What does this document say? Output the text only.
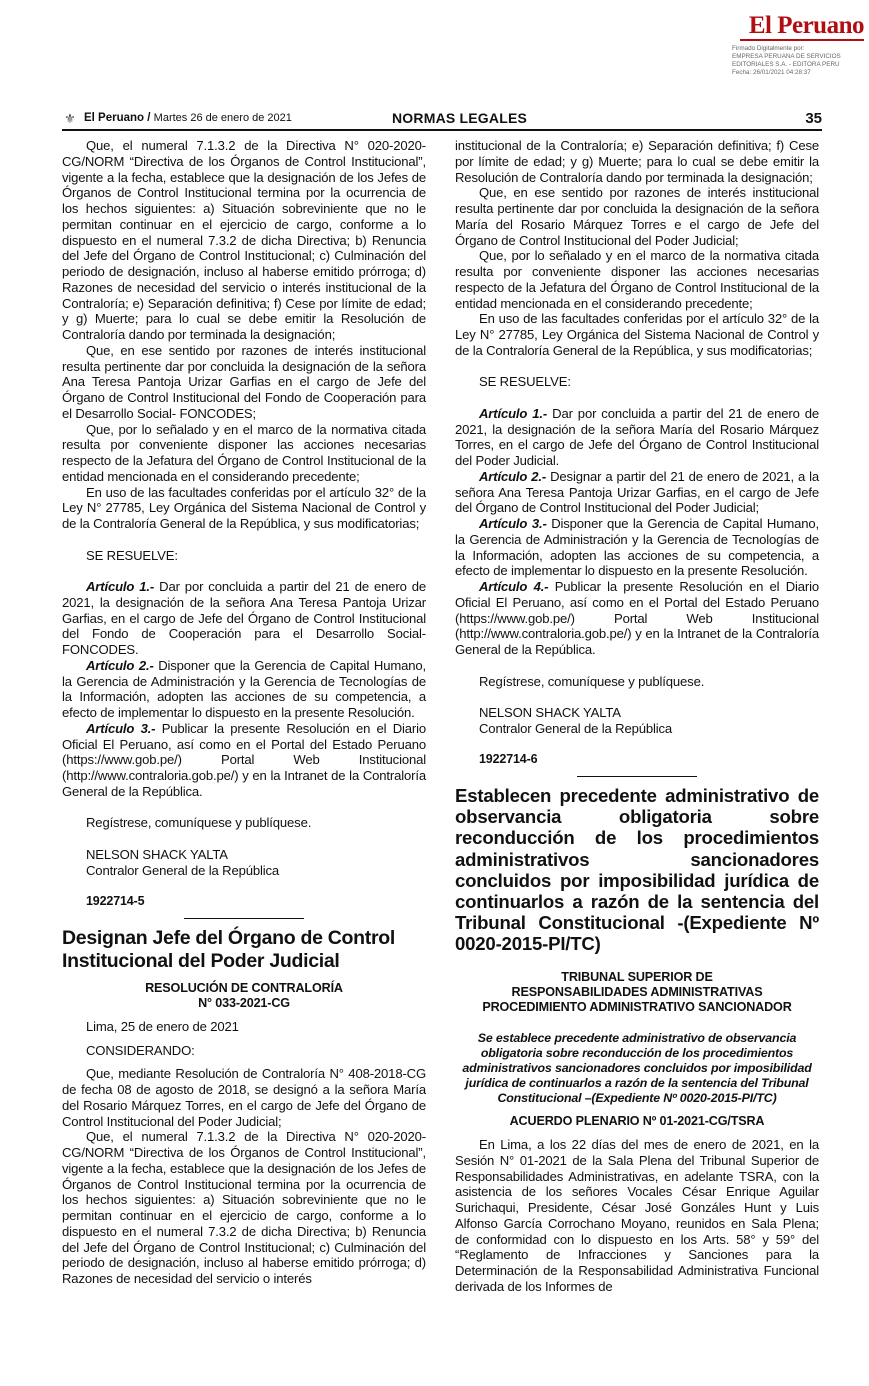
El Peruano
Firmado Digitalmente por:
EMPRESA PERUANA DE SERVICIOS
EDITORIALES S.A. - EDITORA PERU
Fecha: 26/01/2021 04:28:37
⚜ El Peruano / Martes 26 de enero de 2021	NORMAS LEGALES	35

Que, el numeral 7.1.3.2 de la Directiva N° 020-2020-CG/NORM “Directiva de los Órganos de Control Institucional”, vigente a la fecha, establece que la designación de los Jefes de Órganos de Control Institucional termina por la ocurrencia de los hechos siguientes: a) Situación sobreviniente que no le permitan continuar en el ejercicio de cargo, conforme a lo dispuesto en el numeral 7.3.2 de dicha Directiva; b) Renuncia del Jefe del Órgano de Control Institucional; c) Culminación del periodo de designación, incluso al haberse emitido prórroga; d) Razones de necesidad del servicio o interés institucional de la Contraloría; e) Separación definitiva; f) Cese por límite de edad; y g) Muerte; para lo cual se debe emitir la Resolución de Contraloría dando por terminada la designación;

Que, en ese sentido por razones de interés institucional resulta pertinente dar por concluida la designación de la señora Ana Teresa Pantoja Urizar Garfias en el cargo de Jefe del Órgano de Control Institucional del Fondo de Cooperación para el Desarrollo Social- FONCODES;

Que, por lo señalado y en el marco de la normativa citada resulta por conveniente disponer las acciones necesarias respecto de la Jefatura del Órgano de Control Institucional de la entidad mencionada en el considerando precedente;

En uso de las facultades conferidas por el artículo 32° de la Ley N° 27785, Ley Orgánica del Sistema Nacional de Control y de la Contraloría General de la República, y sus modificatorias;

SE RESUELVE:

Artículo 1.- Dar por concluida a partir del 21 de enero de 2021, la designación de la señora Ana Teresa Pantoja Urizar Garfias, en el cargo de Jefe del Órgano de Control Institucional del Fondo de Cooperación para el Desarrollo Social- FONCODES.

Artículo 2.- Disponer que la Gerencia de Capital Humano, la Gerencia de Administración y la Gerencia de Tecnologías de la Información, adopten las acciones de su competencia, a efecto de implementar lo dispuesto en la presente Resolución.

Artículo 3.- Publicar la presente Resolución en el Diario Oficial El Peruano, así como en el Portal del Estado Peruano (https://www.gob.pe/) Portal Web Institucional (http://www.contraloria.gob.pe/) y en la Intranet de la Contraloría General de la República.

Regístrese, comuníquese y publíquese.

NELSON SHACK YALTA

Contralor General de la República

1922714-5

Designan Jefe del Órgano de Control Institucional del Poder Judicial
RESOLUCIÓN DE CONTRALORÍA
N° 033-2021-CG

Lima, 25 de enero de 2021

CONSIDERANDO:

Que, mediante Resolución de Contraloría N° 408-2018-CG de fecha 08 de agosto de 2018, se designó a la señora María del Rosario Márquez Torres, en el cargo de Jefe del Órgano de Control Institucional del Poder Judicial;

Que, el numeral 7.1.3.2 de la Directiva N° 020-2020-CG/NORM “Directiva de los Órganos de Control Institucional”, vigente a la fecha, establece que la designación de los Jefes de Órganos de Control Institucional termina por la ocurrencia de los hechos siguientes: a) Situación sobreviniente que no le permitan continuar en el ejercicio de cargo, conforme a lo dispuesto en el numeral 7.3.2 de dicha Directiva; b) Renuncia del Jefe del Órgano de Control Institucional; c) Culminación del periodo de designación, incluso al haberse emitido prórroga; d) Razones de necesidad del servicio o interés

institucional de la Contraloría; e) Separación definitiva; f) Cese por límite de edad; y g) Muerte; para lo cual se debe emitir la Resolución de Contraloría dando por terminada la designación;

Que, en ese sentido por razones de interés institucional resulta pertinente dar por concluida la designación de la señora María del Rosario Márquez Torres e el cargo de Jefe del Órgano de Control Institucional del Poder Judicial;

Que, por lo señalado y en el marco de la normativa citada resulta por conveniente disponer las acciones necesarias respecto de la Jefatura del Órgano de Control Institucional de la entidad mencionada en el considerando precedente;

En uso de las facultades conferidas por el artículo 32° de la Ley N° 27785, Ley Orgánica del Sistema Nacional de Control y de la Contraloría General de la República, y sus modificatorias;

SE RESUELVE:

Artículo 1.- Dar por concluida a partir del 21 de enero de 2021, la designación de la señora María del Rosario Márquez Torres, en el cargo de Jefe del Órgano de Control Institucional del Poder Judicial.

Artículo 2.- Designar a partir del 21 de enero de 2021, a la señora Ana Teresa Pantoja Urizar Garfias, en el cargo de Jefe del Órgano de Control Institucional del Poder Judicial;

Artículo 3.- Disponer que la Gerencia de Capital Humano, la Gerencia de Administración y la Gerencia de Tecnologías de la Información, adopten las acciones de su competencia, a efecto de implementar lo dispuesto en la presente Resolución.

Artículo 4.- Publicar la presente Resolución en el Diario Oficial El Peruano, así como en el Portal del Estado Peruano (https://www.gob.pe/) Portal Web Institucional (http://www.contraloria.gob.pe/) y en la Intranet de la Contraloría General de la República.

Regístrese, comuníquese y publíquese.

NELSON SHACK YALTA

Contralor General de la República

1922714-6

Establecen precedente administrativo de observancia obligatoria sobre reconducción de los procedimientos administrativos sancionadores concluidos por imposibilidad jurídica de continuarlos a razón de la sentencia del Tribunal Constitucional -(Expediente Nº 0020-2015-PI/TC)
TRIBUNAL SUPERIOR DE
RESPONSABILIDADES ADMINISTRATIVAS
PROCEDIMIENTO ADMINISTRATIVO SANCIONADOR
Se establece precedente administrativo de observancia obligatoria sobre reconducción de los procedimientos administrativos sancionadores concluidos por imposibilidad jurídica de continuarlos a razón de la sentencia del Tribunal Constitucional –(Expediente Nº 0020-2015-PI/TC)
ACUERDO PLENARIO Nº 01-2021-CG/TSRA

En Lima, a los 22 días del mes de enero de 2021, en la Sesión N° 01-2021 de la Sala Plena del Tribunal Superior de Responsabilidades Administrativas, en adelante TSRA, con la asistencia de los señores Vocales César Enrique Aguilar Surichaqui, Presidente, César José Gonzáles Hunt y Luis Alfonso García Corrochano Moyano, reunidos en Sala Plena; de conformidad con lo dispuesto en los Arts. 58° y 59° del “Reglamento de Infracciones y Sanciones para la Determinación de la Responsabilidad Administrativa Funcional derivada de los Informes de
